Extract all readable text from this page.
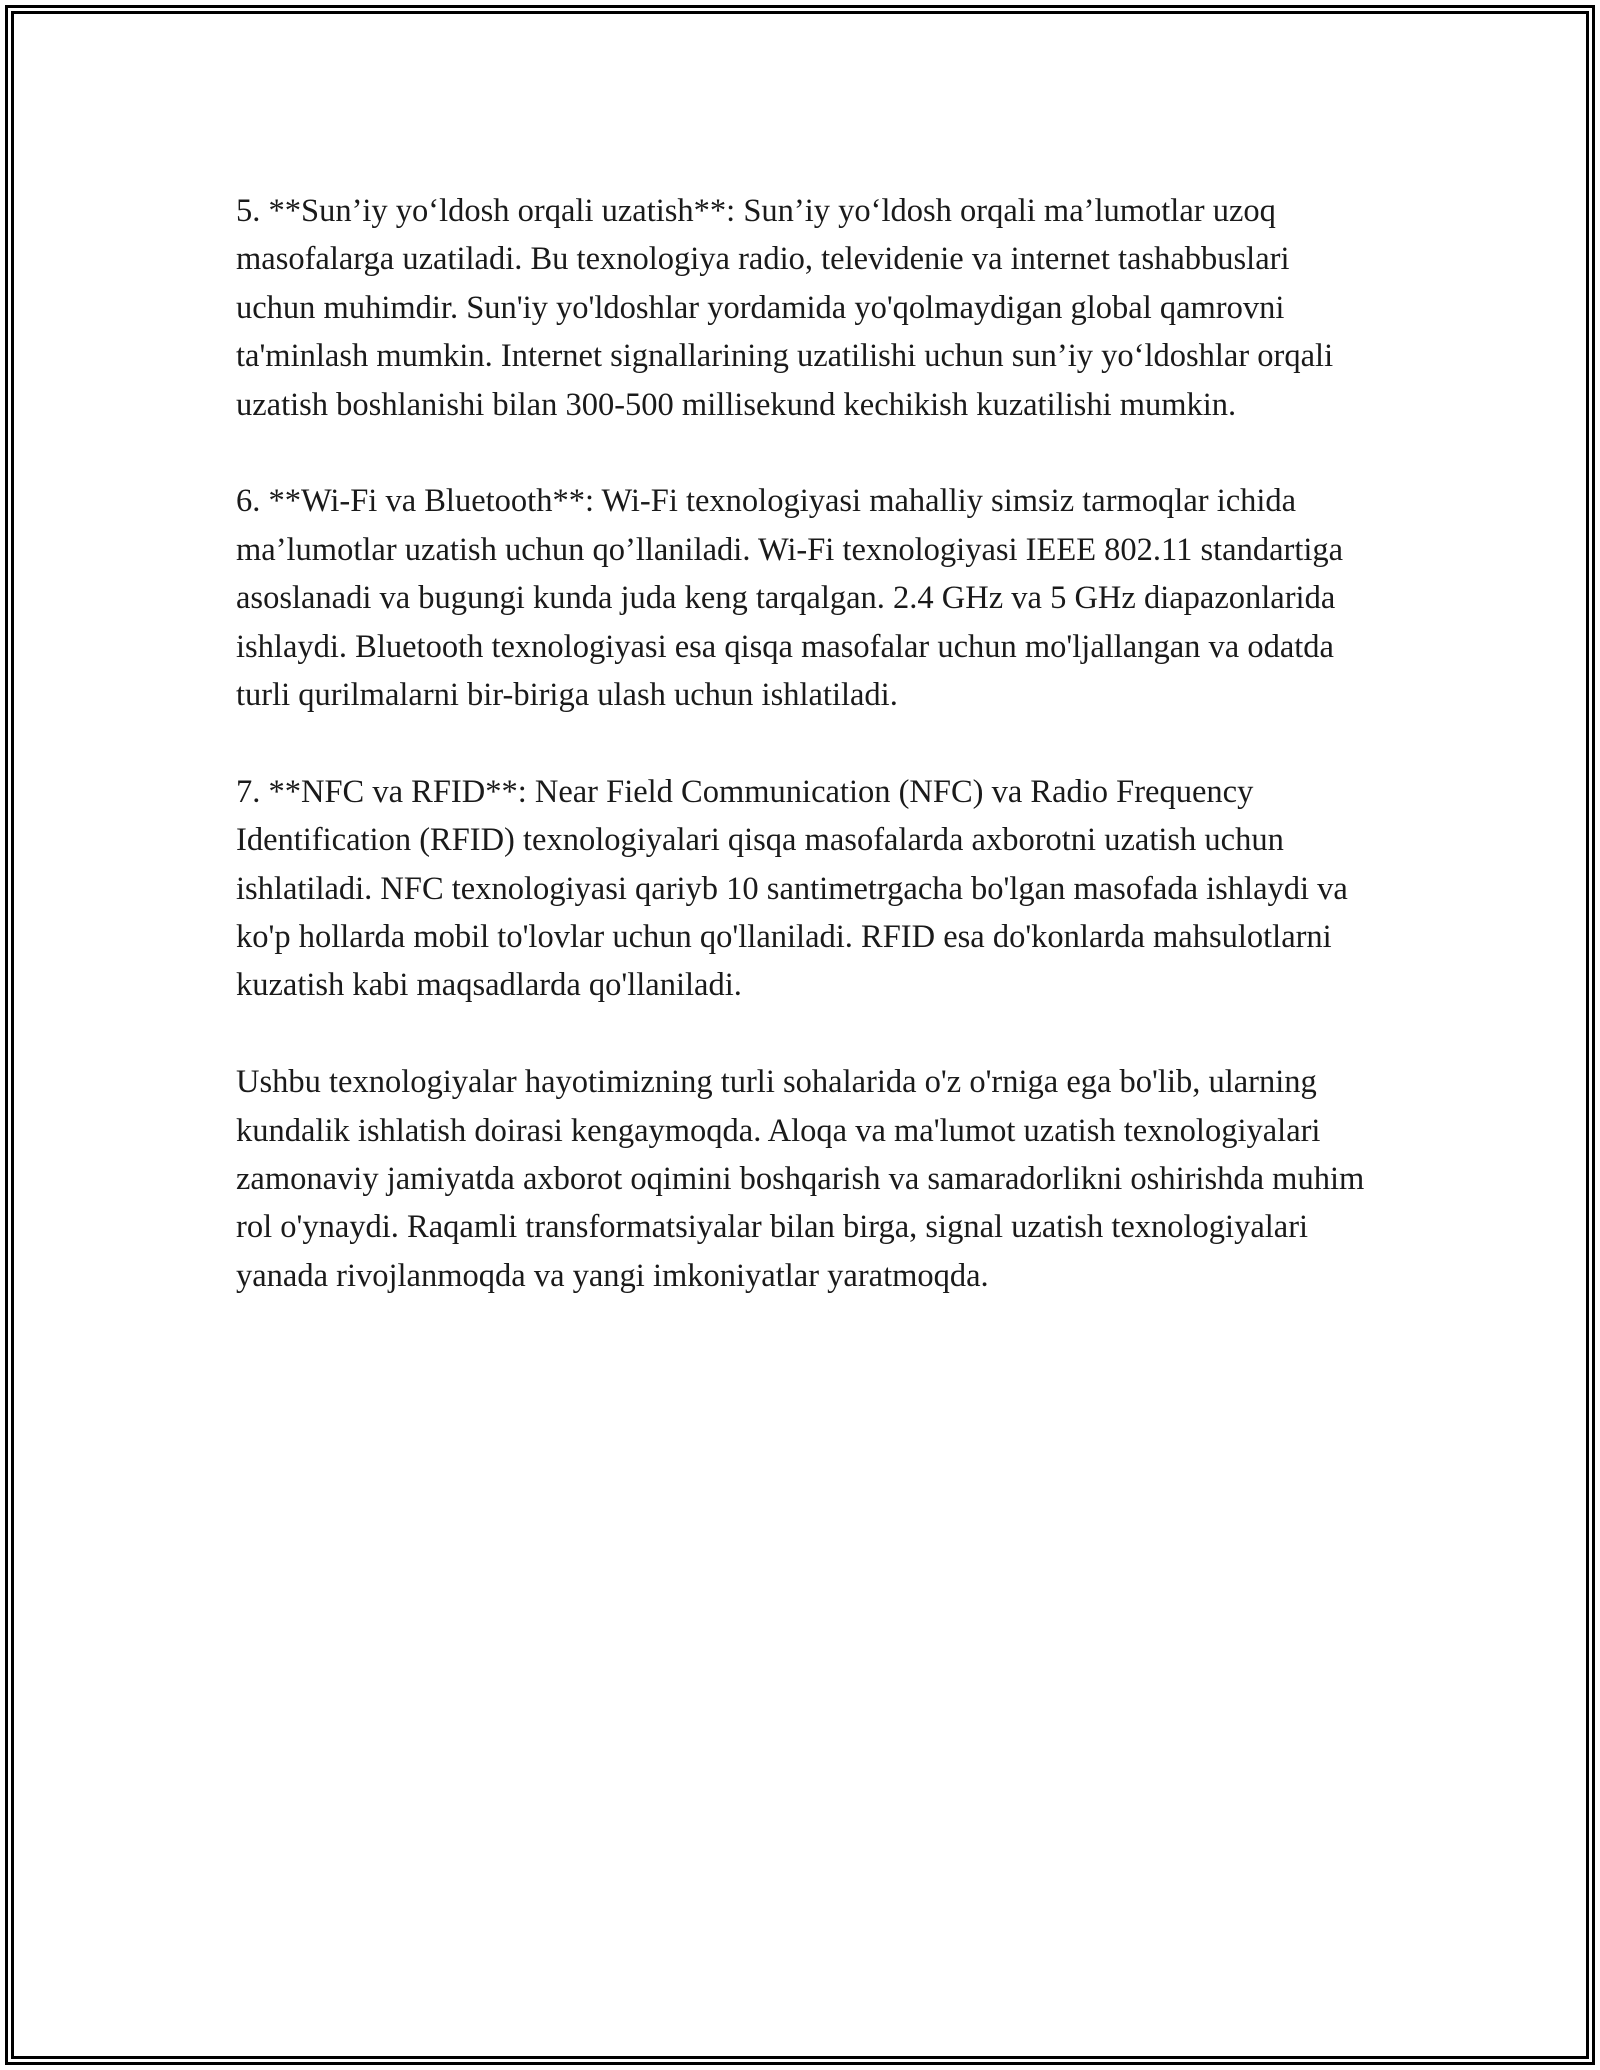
5. **Sun’iy yo‘ldosh orqali uzatish**: Sun’iy yo‘ldosh orqali ma’lumotlar uzoq masofalarga uzatiladi. Bu texnologiya radio, televidenie va internet tashabbuslari uchun muhimdir. Sun'iy yo'ldoshlar yordamida yo'qolmaydigan global qamrovni ta'minlash mumkin. Internet signallarining uzatilishi uchun sun’iy yo‘ldoshlar orqali uzatish boshlanishi bilan 300-500 millisekund kechikish kuzatilishi mumkin.

6. **Wi-Fi va Bluetooth**: Wi-Fi texnologiyasi mahalliy simsiz tarmoqlar ichida ma’lumotlar uzatish uchun qo’llaniladi. Wi-Fi texnologiyasi IEEE 802.11 standartiga asoslanadi va bugungi kunda juda keng tarqalgan. 2.4 GHz va 5 GHz diapazonlarida ishlaydi. Bluetooth texnologiyasi esa qisqa masofalar uchun mo'ljallangan va odatda turli qurilmalarni bir-biriga ulash uchun ishlatiladi.

7. **NFC va RFID**: Near Field Communication (NFC) va Radio Frequency Identification (RFID) texnologiyalari qisqa masofalarda axborotni uzatish uchun ishlatiladi. NFC texnologiyasi qariyb 10 santimetrgacha bo'lgan masofada ishlaydi va ko'p hollarda mobil to'lovlar uchun qo'llaniladi. RFID esa do'konlarda mahsulotlarni kuzatish kabi maqsadlarda qo'llaniladi.

Ushbu texnologiyalar hayotimizning turli sohalarida o'z o'rniga ega bo'lib, ularning kundalik ishlatish doirasi kengaymoqda. Aloqa va ma'lumot uzatish texnologiyalari zamonaviy jamiyatda axborot oqimini boshqarish va samaradorlikni oshirishda muhim rol o'ynaydi. Raqamli transformatsiyalar bilan birga, signal uzatish texnologiyalari yanada rivojlanmoqda va yangi imkoniyatlar yaratmoqda.
